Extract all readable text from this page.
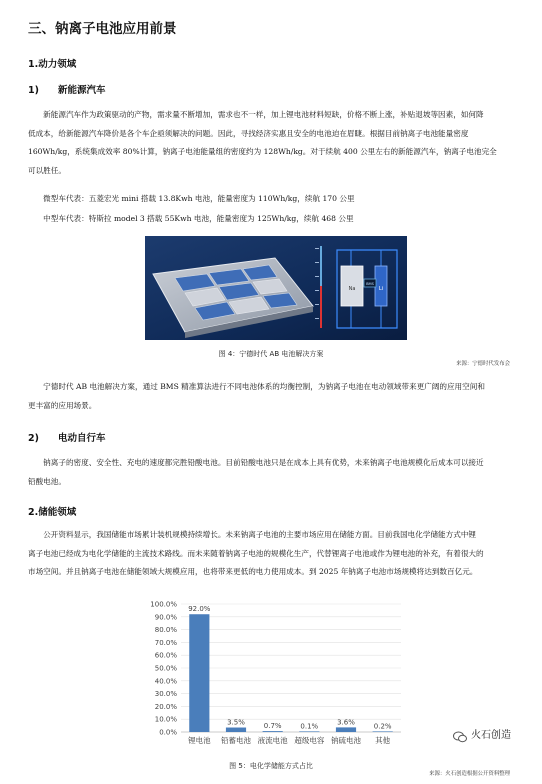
三、钠离子电池应用前景
1.动力领域
1)　　新能源汽车

　　新能源汽车作为政策驱动的产物，需求量不断增加，需求也不一样，加上锂电池材料短缺，价格不断上涨，补贴退坡等因素，如何降

低成本，给新能源汽车降价是各个车企亟须解决的问题。因此，寻找经济实惠且安全的电池迫在眉睫。根据目前钠离子电池能量密度

160Wh/kg，系统集成效率 80%计算，钠离子电池能量组的密度约为 128Wh/kg。对于续航 400 公里左右的新能源汽车，钠离子电池完全

可以胜任。

　　微型车代表：五菱宏光 mini 搭载 13.8Kwh 电池，能量密度为 110Wh/kg，续航 170 公里
　　中型车代表：特斯拉 model 3 搭载 55Kwh 电池，能量密度为 125Wh/kg，续航 468 公里
Na	Li
BMS
图 4：宁德时代 AB 电池解决方案
来源：宁德时代发布会

　　宁德时代 AB 电池解决方案，通过 BMS 精准算法进行不同电池体系的均衡控制，为钠离子电池在电动领域带来更广阔的应用空间和

更丰富的应用场景。

2)　　电动自行车

　　钠离子的密度、安全性、充电的速度都完胜铅酸电池。目前铅酸电池只是在成本上具有优势，未来钠离子电池规模化后成本可以接近

铅酸电池。

2.储能领域

　　公开资料显示，我国储能市场累计装机规模持续增长。未来钠离子电池的主要市场应用在储能方面。目前我国电化学储能方式中锂

离子电池已经成为电化学储能的主流技术路线。而未来随着钠离子电池的规模化生产，代替锂离子电池或作为锂电池的补充，有着很大的

市场空间。并且钠离子电池在储能领域大规模应用，也将带来更低的电力使用成本。到 2025 年钠离子电池市场规模将达到数百亿元。

0.0%
10.0%
20.0%
30.0%
40.0%
50.0%
60.0%
70.0%
80.0%
90.0%
100.0%
92.0%
锂电池
3.5%
铅蓄电池
0.7%
液流电池
0.1%
超级电容
3.6%
钠硫电池
0.2%
其他
图 5：电化学储能方式占比
来源：火石创造根据公开资料整理
火石创造
